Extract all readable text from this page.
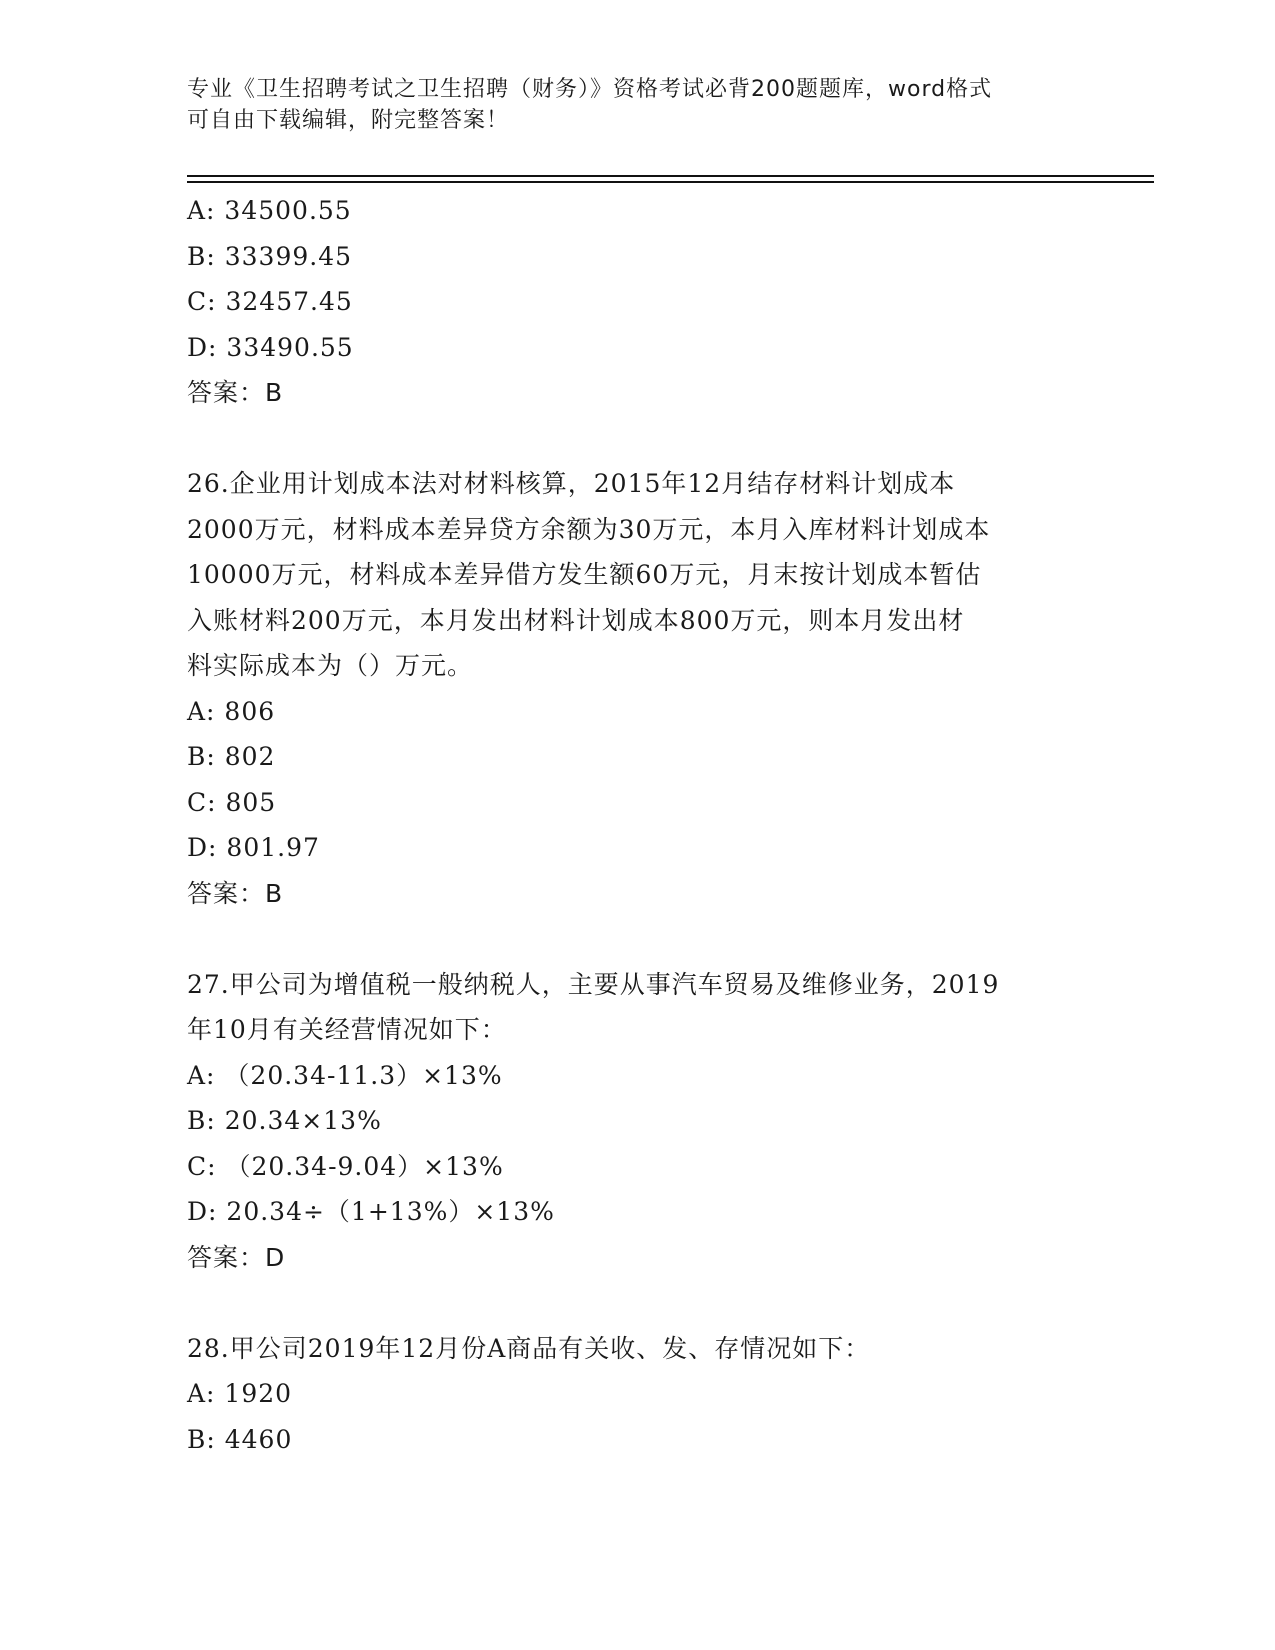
专业《卫生招聘考试之卫生招聘（财务）》资格考试必背200题题库，word格式
可自由下载编辑，附完整答案！
A: 34500.55
B: 33399.45
C: 32457.45
D: 33490.55
答案：B
26.企业用计划成本法对材料核算，2015年12月结存材料计划成本
2000万元，材料成本差异贷方余额为30万元，本月入库材料计划成本
10000万元，材料成本差异借方发生额60万元，月末按计划成本暂估
入账材料200万元，本月发出材料计划成本800万元，则本月发出材
料实际成本为（）万元。
A: 806
B: 802
C: 805
D: 801.97
答案：B
27.甲公司为增值税一般纳税人，主要从事汽车贸易及维修业务，2019
年10月有关经营情况如下：
A: （20.34-11.3）×13%
B: 20.34×13%
C: （20.34-9.04）×13%
D: 20.34÷（1+13%）×13%
答案：D
28.甲公司2019年12月份A商品有关收、发、存情况如下：
A: 1920
B: 4460
